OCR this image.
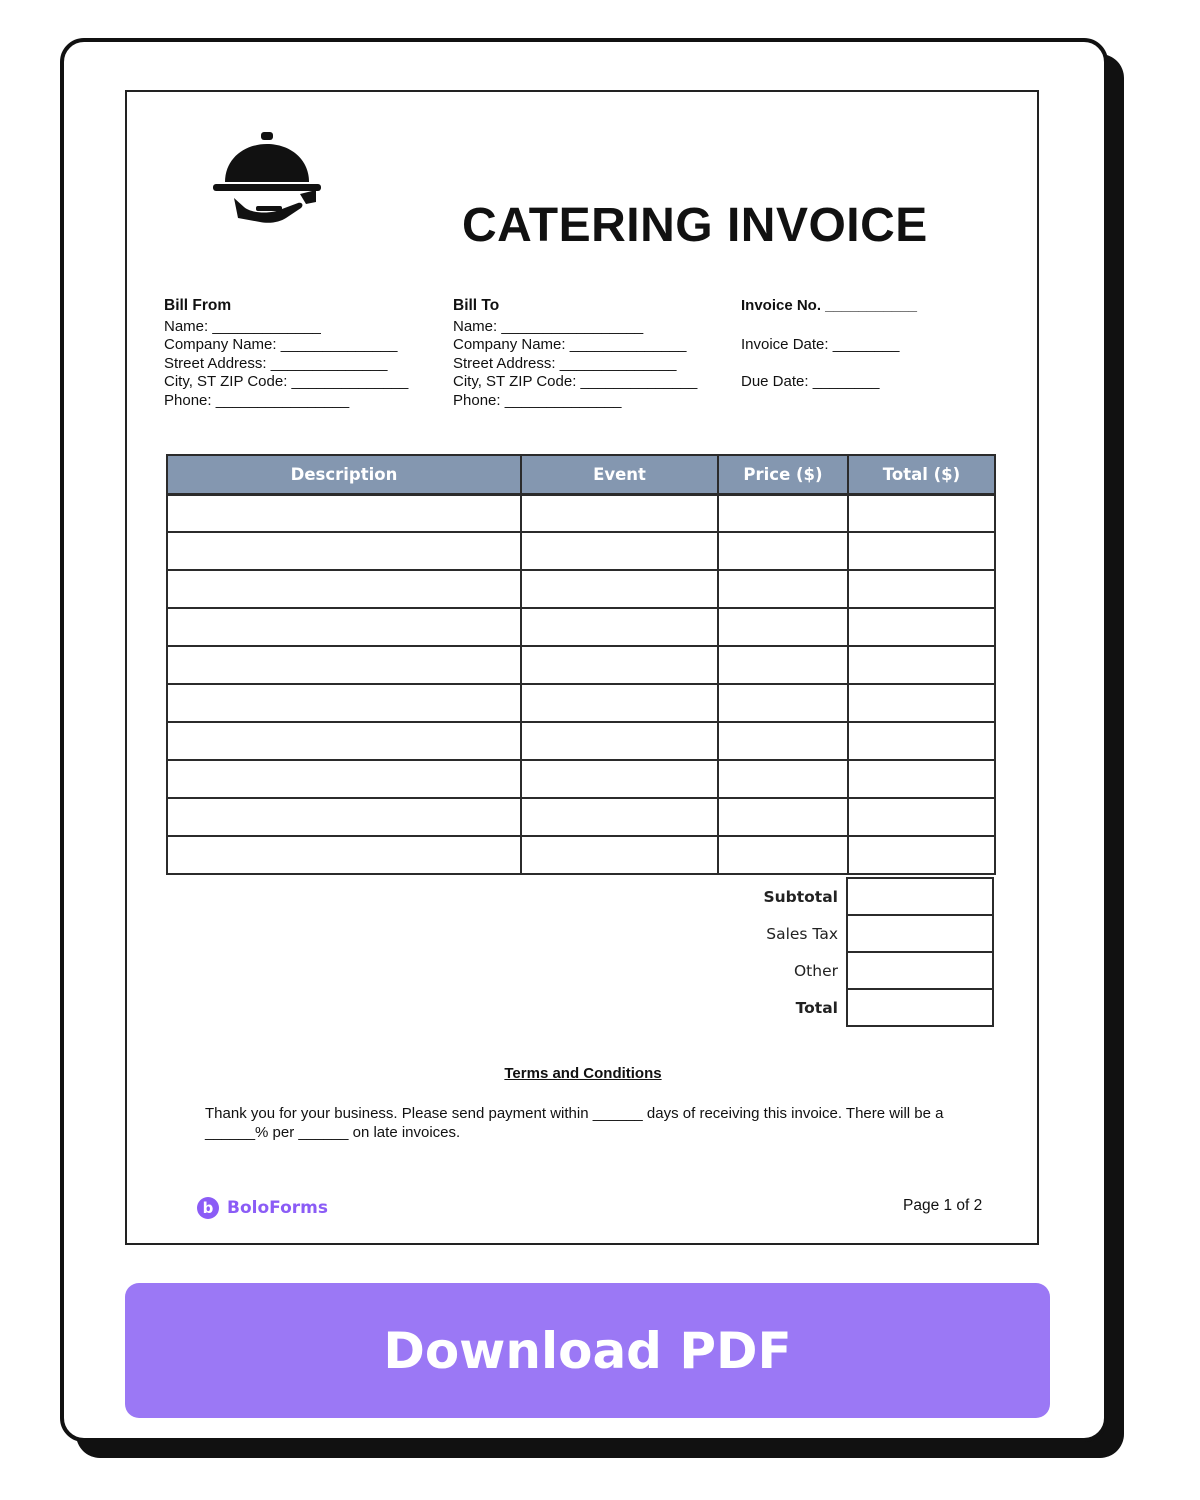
CATERING INVOICE
Bill From
Name: _____________
Company Name: ______________
Street Address: ______________
City, ST ZIP Code: ______________
Phone: ________________
Bill To
Name: _________________
Company Name: ______________
Street Address: ______________
City, ST ZIP Code: ______________
Phone: ______________
Invoice No. ___________
Invoice Date: ________
Due Date: ________
Description	Event	Price ($)	Total ($)

Subtotal	
Sales Tax	
Other	
Total	
Terms and Conditions
Thank you for your business. Please send payment within ______ days of receiving this invoice. There will be a ______% per ______ on late invoices.
b BoloForms	Page 1 of 2
Download PDF
